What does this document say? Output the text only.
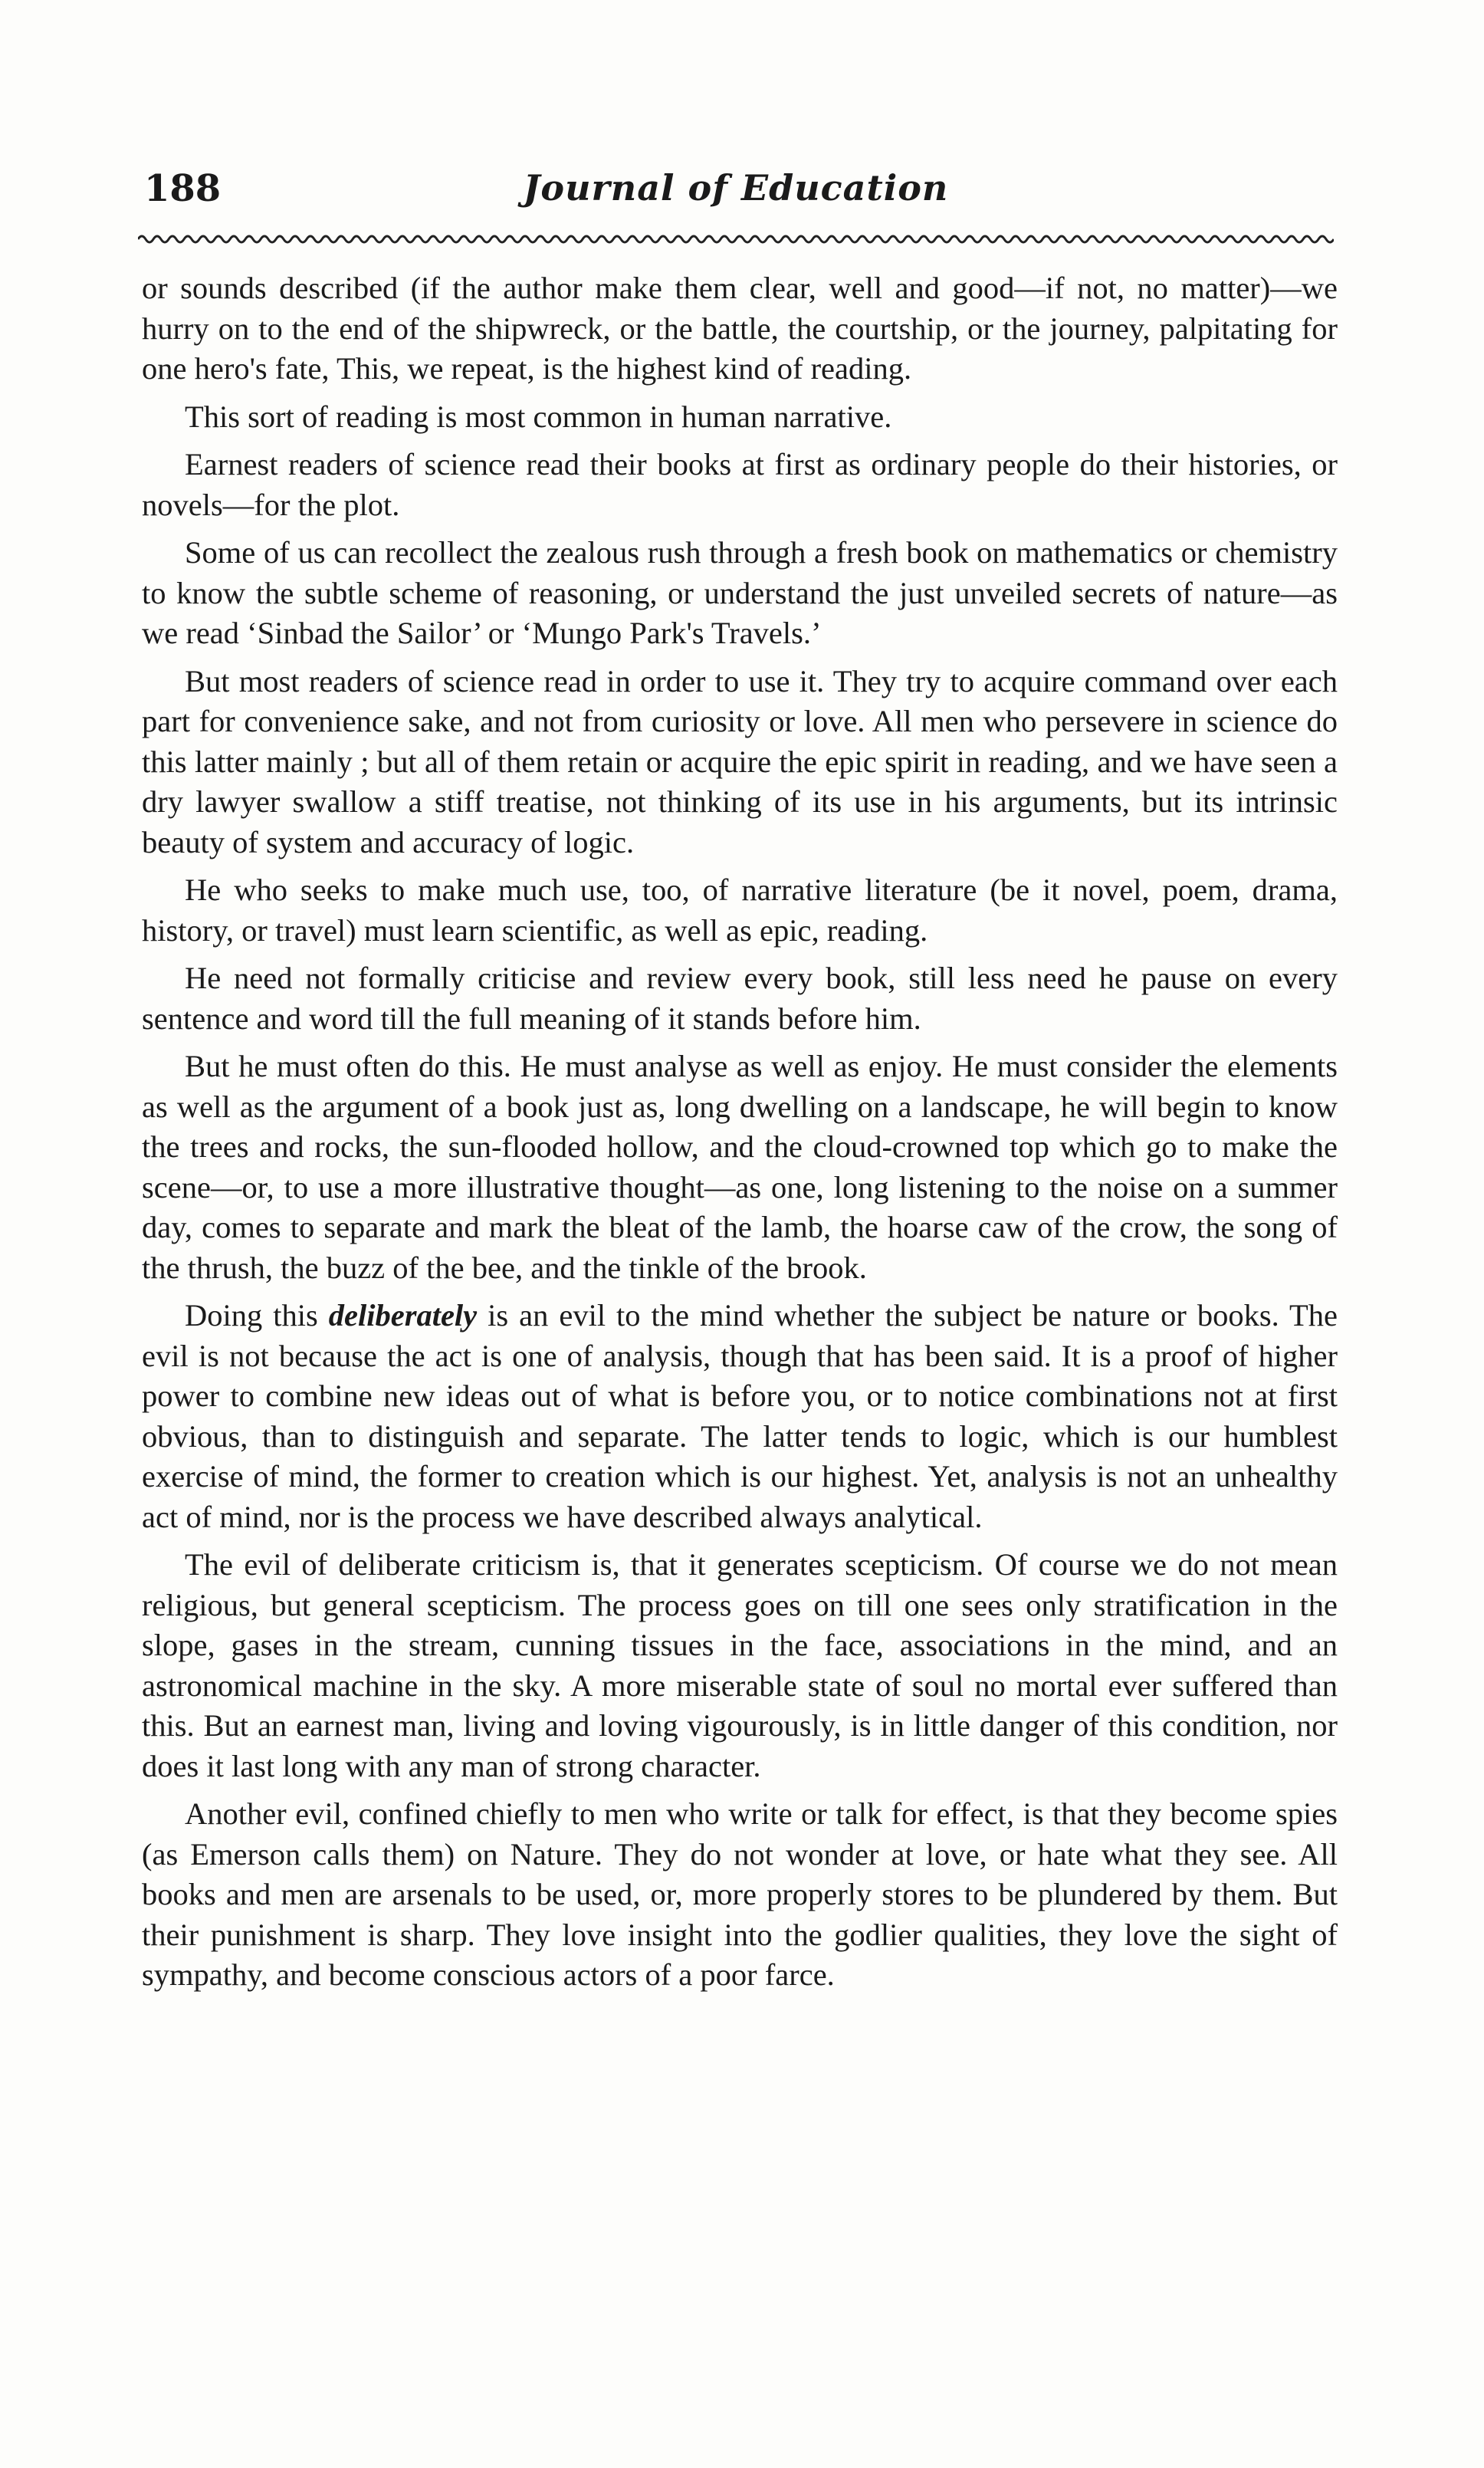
188	Journal of Education

or sounds described (if the author make them clear, well and good—if not, no matter)—we hurry on to the end of the shipwreck, or the battle, the courtship, or the journey, palpitating for one hero's fate, This, we repeat, is the highest kind of reading.

This sort of reading is most common in human narrative.

Earnest readers of science read their books at first as ordinary people do their histories, or novels—for the plot.

Some of us can recollect the zealous rush through a fresh book on mathematics or chemistry to know the subtle scheme of reasoning, or understand the just unveiled secrets of nature—as we read ‘Sinbad the Sailor’ or ‘Mungo Park's Travels.’

But most readers of science read in order to use it. They try to acquire command over each part for convenience sake, and not from curiosity or love. All men who persevere in science do this latter mainly ; but all of them retain or acquire the epic spirit in reading, and we have seen a dry lawyer swallow a stiff treatise, not thinking of its use in his arguments, but its intrinsic beauty of system and accuracy of logic.

He who seeks to make much use, too, of narrative literature (be it novel, poem, drama, history, or travel) must learn scientific, as well as epic, reading.

He need not formally criticise and review every book, still less need he pause on every sentence and word till the full meaning of it stands before him.

But he must often do this. He must analyse as well as enjoy. He must consider the elements as well as the argument of a book just as, long dwelling on a landscape, he will begin to know the trees and rocks, the sun-flooded hollow, and the cloud-crowned top which go to make the scene—or, to use a more illustrative thought—as one, long listening to the noise on a summer day, comes to separate and mark the bleat of the lamb, the hoarse caw of the crow, the song of the thrush, the buzz of the bee, and the tinkle of the brook.

Doing this deliberately is an evil to the mind whether the subject be nature or books. The evil is not because the act is one of analysis, though that has been said. It is a proof of higher power to combine new ideas out of what is before you, or to notice combinations not at first obvious, than to distinguish and separate. The latter tends to logic, which is our humblest exercise of mind, the former to creation which is our highest. Yet, analysis is not an unhealthy act of mind, nor is the process we have described always analytical.

The evil of deliberate criticism is, that it generates scepticism. Of course we do not mean religious, but general scepticism. The process goes on till one sees only stratification in the slope, gases in the stream, cunning tissues in the face, associations in the mind, and an astronomical machine in the sky. A more miserable state of soul no mortal ever suffered than this. But an earnest man, living and loving vigourously, is in little danger of this condition, nor does it last long with any man of strong character.

Another evil, confined chiefly to men who write or talk for effect, is that they become spies (as Emerson calls them) on Nature. They do not wonder at love, or hate what they see. All books and men are arsenals to be used, or, more properly stores to be plundered by them. But their punishment is sharp. They love insight into the godlier qualities, they love the sight of sympathy, and become conscious actors of a poor farce.
